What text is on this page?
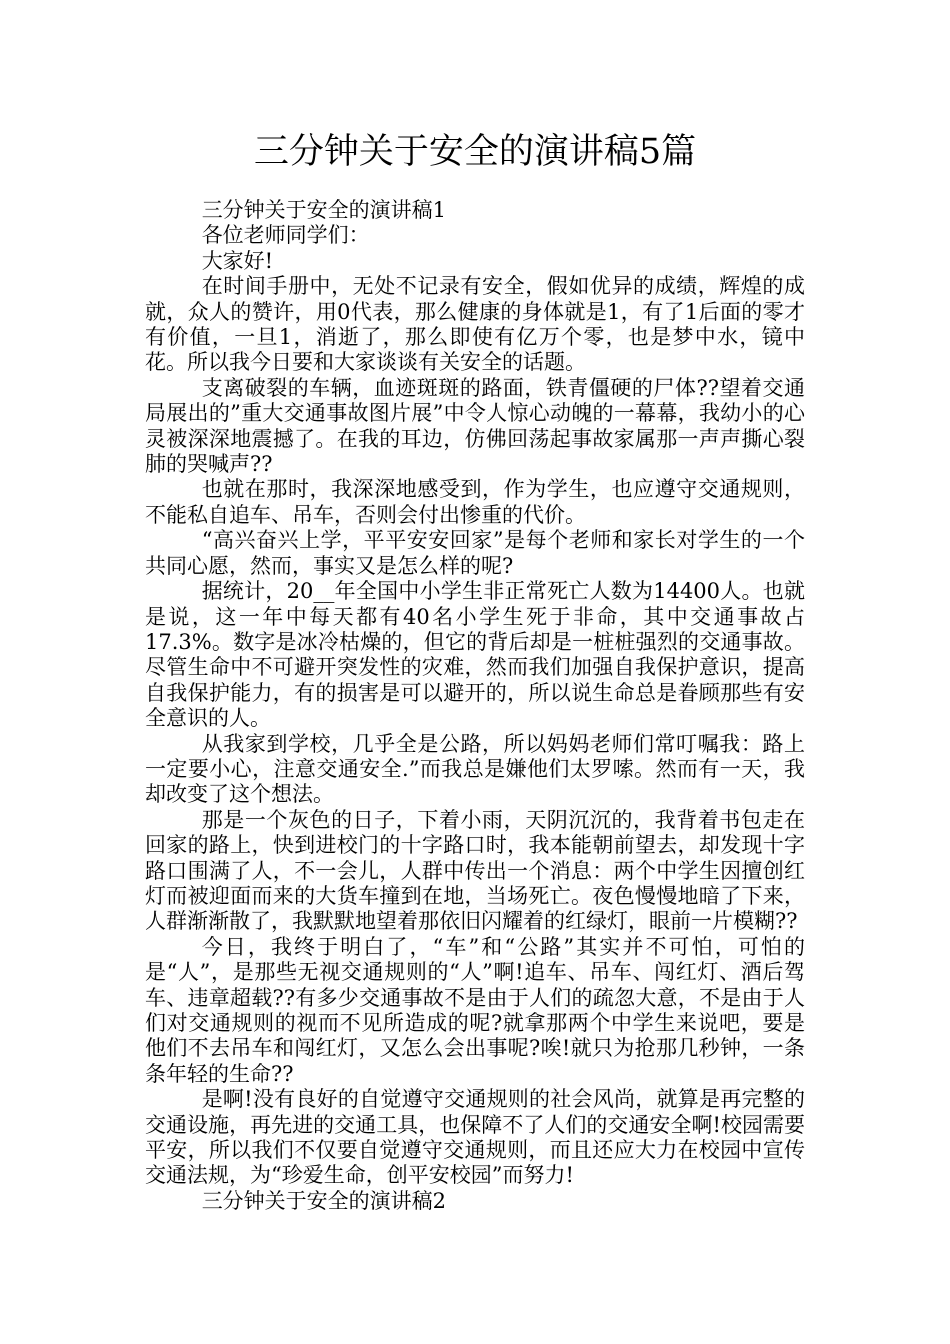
三分钟关于安全的演讲稿5篇

三分钟关于安全的演讲稿1

各位老师同学们：

大家好!

在时间手册中，无处不记录有安全，假如优异的成绩，辉煌的成就，众人的赞许，用0代表，那么健康的身体就是1，有了1后面的零才有价值，一旦1，消逝了，那么即使有亿万个零，也是梦中水，镜中花。所以我今日要和大家谈谈有关安全的话题。

支离破裂的车辆，血迹斑斑的路面，铁青僵硬的尸体??望着交通局展出的”重大交通事故图片展”中令人惊心动魄的一幕幕，我幼小的心灵被深深地震撼了。在我的耳边，仿佛回荡起事故家属那一声声撕心裂肺的哭喊声??

也就在那时，我深深地感受到，作为学生，也应遵守交通规则，不能私自追车、吊车，否则会付出惨重的代价。

“高兴奋兴上学，平平安安回家”是每个老师和家长对学生的一个共同心愿，然而，事实又是怎么样的呢?

据统计，20__年全国中小学生非正常死亡人数为14400人。也就是说，这一年中每天都有40名小学生死于非命，其中交通事故占17.3%。数字是冰冷枯燥的，但它的背后却是一桩桩强烈的交通事故。尽管生命中不可避开突发性的灾难，然而我们加强自我保护意识，提高自我保护能力，有的损害是可以避开的，所以说生命总是眷顾那些有安全意识的人。

从我家到学校，几乎全是公路，所以妈妈老师们常叮嘱我：路上一定要小心，注意交通安全.”而我总是嫌他们太罗嗦。然而有一天，我却改变了这个想法。

那是一个灰色的日子，下着小雨，天阴沉沉的，我背着书包走在回家的路上，快到进校门的十字路口时，我本能朝前望去，却发现十字路口围满了人，不一会儿，人群中传出一个消息：两个中学生因擅创红灯而被迎面而来的大货车撞到在地，当场死亡。夜色慢慢地暗了下来，人群渐渐散了，我默默地望着那依旧闪耀着的红绿灯，眼前一片模糊??

今日，我终于明白了，“车”和“公路”其实并不可怕，可怕的是“人”，是那些无视交通规则的“人”啊!追车、吊车、闯红灯、酒后驾车、违章超载??有多少交通事故不是由于人们的疏忽大意，不是由于人们对交通规则的视而不见所造成的呢?就拿那两个中学生来说吧，要是他们不去吊车和闯红灯，又怎么会出事呢?唉!就只为抢那几秒钟，一条条年轻的生命??

是啊!没有良好的自觉遵守交通规则的社会风尚，就算是再完整的交通设施，再先进的交通工具，也保障不了人们的交通安全啊!校园需要平安，所以我们不仅要自觉遵守交通规则，而且还应大力在校园中宣传交通法规，为“珍爱生命，创平安校园”而努力!

三分钟关于安全的演讲稿2
